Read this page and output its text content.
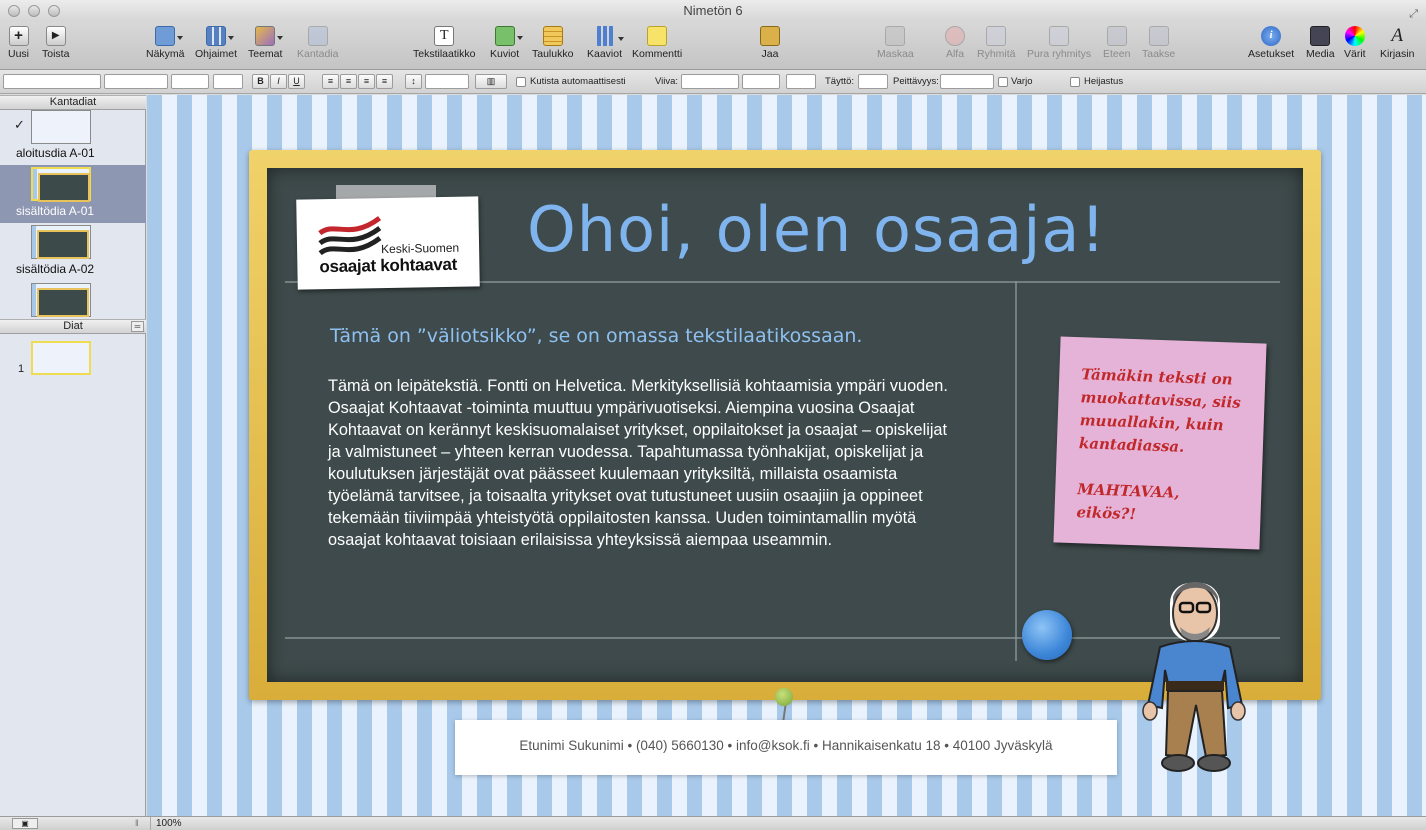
Nimetön 6	⤢
+
Uusi
▶
Toista	Näkymä Ohjaimet Teemat Kantadia
T
Tekstilaatikko Kuviot Taulukko Kaaviot Kommentti	Jaa	Maskaa	Alfa Ryhmitä Pura ryhmitys Eteen Taakse
i
Asetukset Media Värit
A
Kirjasin
B	I	U	≡	≡	≡	≡	↕	▥	Kutista automaattisesti	Viiva:	Täyttö:	Peittävyys:	Varjo	Heijastus
Kantadiat
✓
aloitusdia A-01
sisältödia A-01
sisältödia A-02
Diat	═
1
Keski-Suomen
osaajat kohtaavat Ohoi, olen osaaja!
Tämä on ”väliotsikko”, se on omassa tekstilaatikossaan.
Tämä on leipätekstiä. Fontti on Helvetica. Merkityksellisiä kohtaamisia ympäri vuoden. Osaajat Kohtaavat -toiminta muuttuu ympärivuotiseksi. Aiempina vuosina Osaajat Kohtaavat on kerännyt keskisuomalaiset yritykset, oppilaitokset ja osaajat – opiskelijat ja valmistuneet – yhteen kerran vuodessa. Tapahtumassa työnhakijat, opiskelijat ja koulutuksen järjestäjät ovat päässeet kuulemaan yrityksiltä, millaista osaamista työelämä tarvitsee, ja toisaalta yritykset ovat tutustuneet uusiin osaajiin ja oppineet tekemään tiiviimpää yhteistyötä oppilaitosten kanssa. Uuden toimintamallin myötä osaajat kohtaavat toisiaan erilaisissa yhteyksissä aiempaa useammin.
Tämäkin teksti on muokattavissa, siis muuallakin, kuin kantadiassa.
MAHTAVAA, eikös?!
Etunimi Sukunimi • (040) 5660130 • info@ksok.fi • Hannikaisenkatu 18 • 40100 Jyväskylä
▣	‖	100%
